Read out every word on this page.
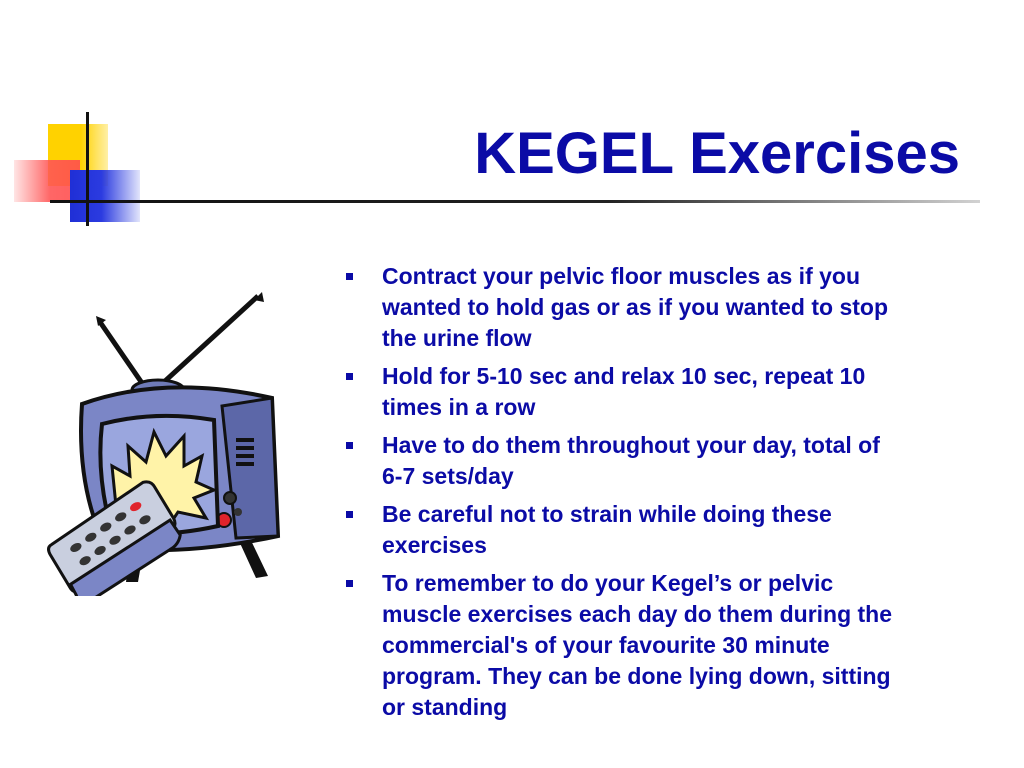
KEGEL Exercises
Contract your pelvic floor muscles as if you wanted to hold gas or as if you wanted to stop the urine flow
Hold for 5-10 sec and relax 10 sec, repeat 10 times in a row
Have to do them throughout your day, total of 6-7 sets/day
Be careful not to strain while doing these exercises
To remember to do your Kegel’s or pelvic muscle exercises each day do them during the commercial's of your favourite 30 minute program. They can be done lying down, sitting or standing
